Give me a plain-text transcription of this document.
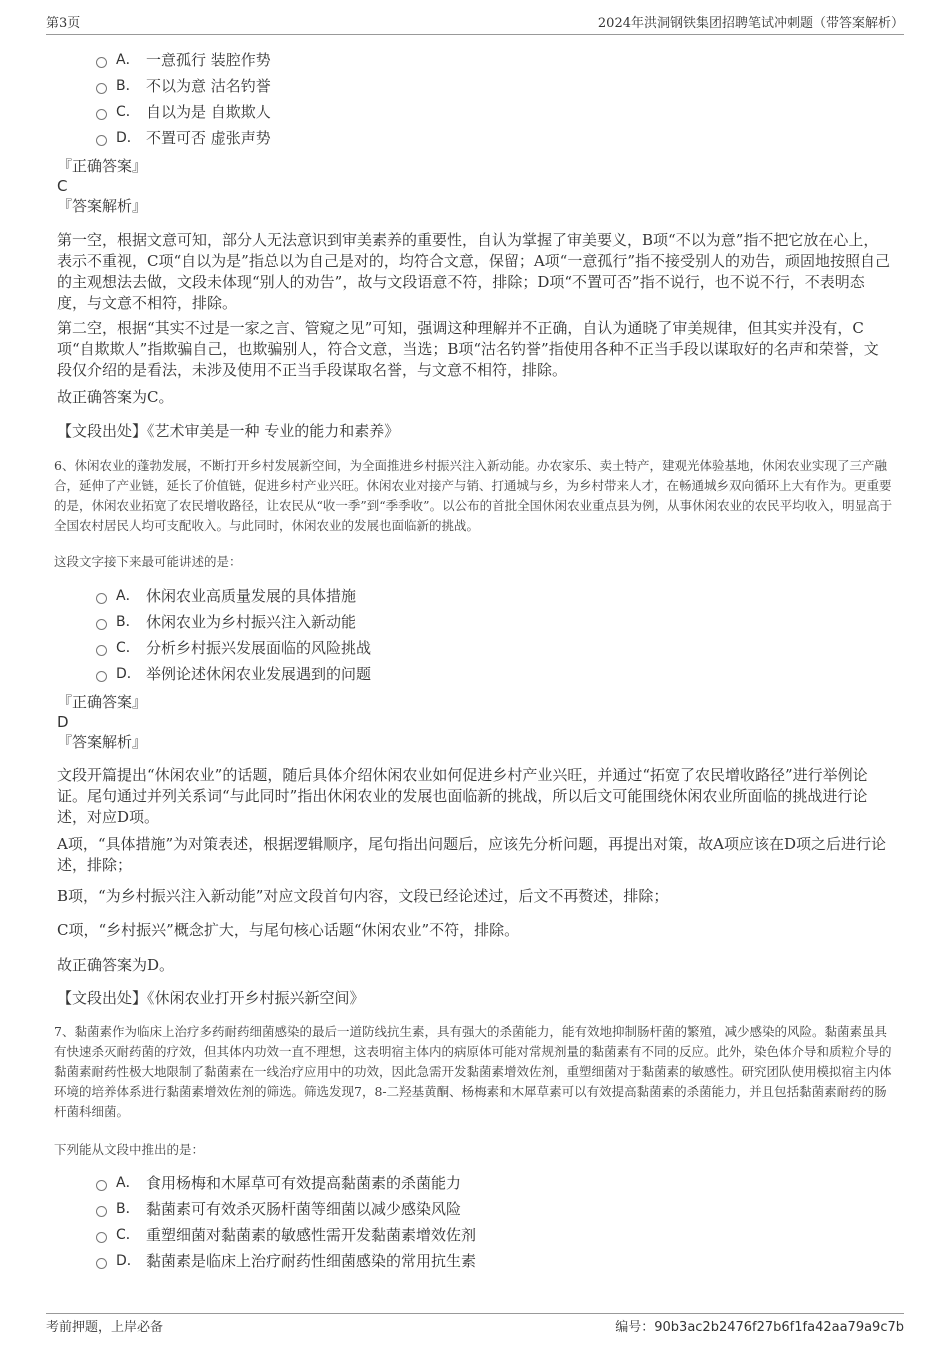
第3页	2024年洪洞钢铁集团招聘笔试冲刺题（带答案解析）
A． 一意孤行 装腔作势
B． 不以为意 沽名钓誉
C． 自以为是 自欺欺人
D． 不置可否 虚张声势
『正确答案』
C
『答案解析』
第一空，根据文意可知，部分人无法意识到审美素养的重要性，自认为掌握了审美要义，B项“不以为意”指不把它放在心上，表示不重视，C项“自以为是”指总以为自己是对的，均符合文意，保留；A项“一意孤行”指不接受别人的劝告，顽固地按照自己的主观想法去做，文段未体现“别人的劝告”，故与文段语意不符，排除；D项“不置可否”指不说行，也不说不行，不表明态度，与文意不相符，排除。
第二空，根据“其实不过是一家之言、管窥之见”可知，强调这种理解并不正确，自认为通晓了审美规律，但其实并没有，C项“自欺欺人”指欺骗自己，也欺骗别人，符合文意，当选；B项“沽名钓誉”指使用各种不正当手段以谋取好的名声和荣誉，文段仅介绍的是看法，未涉及使用不正当手段谋取名誉，与文意不相符，排除。
故正确答案为C。
【文段出处】《艺术审美是一种 专业的能力和素养》
6、休闲农业的蓬勃发展，不断打开乡村发展新空间，为全面推进乡村振兴注入新动能。办农家乐、卖土特产，建观光体验基地，休闲农业实现了三产融合，延伸了产业链，延长了价值链，促进乡村产业兴旺。休闲农业对接产与销、打通城与乡，为乡村带来人才，在畅通城乡双向循环上大有作为。更重要的是，休闲农业拓宽了农民增收路径，让农民从“收一季”到“季季收”。以公布的首批全国休闲农业重点县为例，从事休闲农业的农民平均收入，明显高于全国农村居民人均可支配收入。与此同时，休闲农业的发展也面临新的挑战。
这段文字接下来最可能讲述的是：
A． 休闲农业高质量发展的具体措施
B． 休闲农业为乡村振兴注入新动能
C． 分析乡村振兴发展面临的风险挑战
D． 举例论述休闲农业发展遇到的问题
『正确答案』
D
『答案解析』
文段开篇提出“休闲农业”的话题，随后具体介绍休闲农业如何促进乡村产业兴旺，并通过“拓宽了农民增收路径”进行举例论证。尾句通过并列关系词“与此同时”指出休闲农业的发展也面临新的挑战，所以后文可能围绕休闲农业所面临的挑战进行论述，对应D项。
A项，“具体措施”为对策表述，根据逻辑顺序，尾句指出问题后，应该先分析问题，再提出对策，故A项应该在D项之后进行论述，排除；
B项，“为乡村振兴注入新动能”对应文段首句内容，文段已经论述过，后文不再赘述，排除；
C项，“乡村振兴”概念扩大，与尾句核心话题“休闲农业”不符，排除。
故正确答案为D。
【文段出处】《休闲农业打开乡村振兴新空间》
7、黏菌素作为临床上治疗多药耐药细菌感染的最后一道防线抗生素，具有强大的杀菌能力，能有效地抑制肠杆菌的繁殖，减少感染的风险。黏菌素虽具有快速杀灭耐药菌的疗效，但其体内功效一直不理想，这表明宿主体内的病原体可能对常规剂量的黏菌素有不同的反应。此外，染色体介导和质粒介导的黏菌素耐药性极大地限制了黏菌素在一线治疗应用中的功效，因此急需开发黏菌素增效佐剂，重塑细菌对于黏菌素的敏感性。研究团队使用模拟宿主内体环境的培养体系进行黏菌素增效佐剂的筛选。筛选发现7，8-二羟基黄酮、杨梅素和木犀草素可以有效提高黏菌素的杀菌能力，并且包括黏菌素耐药的肠杆菌科细菌。
下列能从文段中推出的是：
A． 食用杨梅和木犀草可有效提高黏菌素的杀菌能力
B． 黏菌素可有效杀灭肠杆菌等细菌以减少感染风险
C． 重塑细菌对黏菌素的敏感性需开发黏菌素增效佐剂
D． 黏菌素是临床上治疗耐药性细菌感染的常用抗生素
考前押题，上岸必备	编号：90b3ac2b2476f27b6f1fa42aa79a9c7b
